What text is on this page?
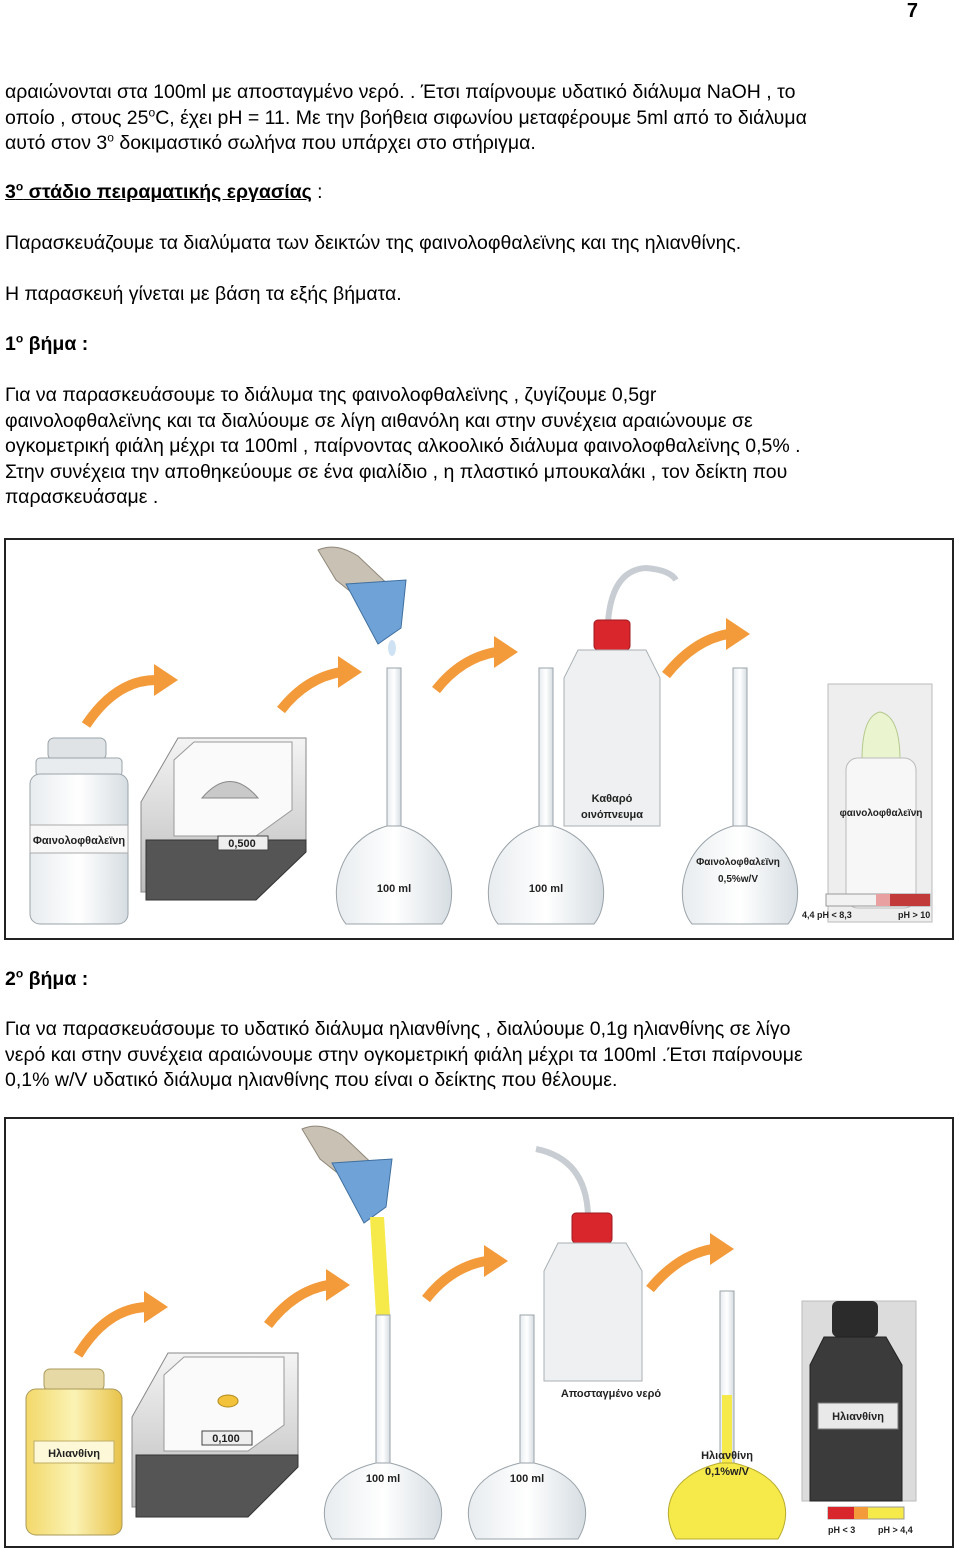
7

αραιώνονται στα 100ml με αποσταγμένο νερό. . Έτσι παίρνουμε υδατικό διάλυμα NaOH , το
οποίο , στους 25$^o$C, έχει pH = 11. Με την βοήθεια σιφωνίου μεταφέρουμε 5ml από το διάλυμα
αυτό στον $3^o$ δοκιμαστικό σωλήνα που υπάρχει στο στήριγμα.

$3^o$ στάδιο πειραματικής εργασίας :

Παρασκευάζουμε τα διαλύματα των δεικτών της φαινολοφθαλεϊνης και της ηλιανθίνης.

Η παρασκευή γίνεται με βάση τα εξής βήματα.

$1^o$ βήμα :

Για να παρασκευάσουμε το διάλυμα της φαινολοφθαλεϊνης , ζυγίζουμε 0,5gr
φαινολοφθαλεϊνης και τα διαλύουμε σε λίγη αιθανόλη και στην συνέχεια αραιώνουμε σε
ογκομετρική φιάλη μέχρι τα 100ml , παίρνοντας αλκοολικό διάλυμα φαινολοφθαλεϊνης 0,5% .
Στην συνέχεια την αποθηκεύουμε σε ένα φιαλίδιο , η πλαστικό μπουκαλάκι , τον δείκτη που
παρασκευάσαμε .

Φαινολοφθαλεϊνη	0,500
100 ml	100 ml
Καθαρό
οινόπνευμα
Φαινολοφθαλεϊνη
0,5%w/V
φαινολοφθαλεϊνη
4,4 pH < 8,3	pH > 10

$2^o$ βήμα :

Για να παρασκευάσουμε το υδατικό διάλυμα ηλιανθίνης , διαλύουμε 0,1g ηλιανθίνης σε λίγο
νερό και στην συνέχεια αραιώνουμε στην ογκομετρική φιάλη μέχρι τα 100ml .Έτσι παίρνουμε
0,1% w/V υδατικό διάλυμα ηλιανθίνης που είναι ο δείκτης που θέλουμε.

Ηλιανθίνη
0,100
100 ml	100 ml
Αποσταγμένο νερό
Ηλιανθίνη
0,1%w/V
Ηλιανθίνη
pH < 3	pH > 4,4
